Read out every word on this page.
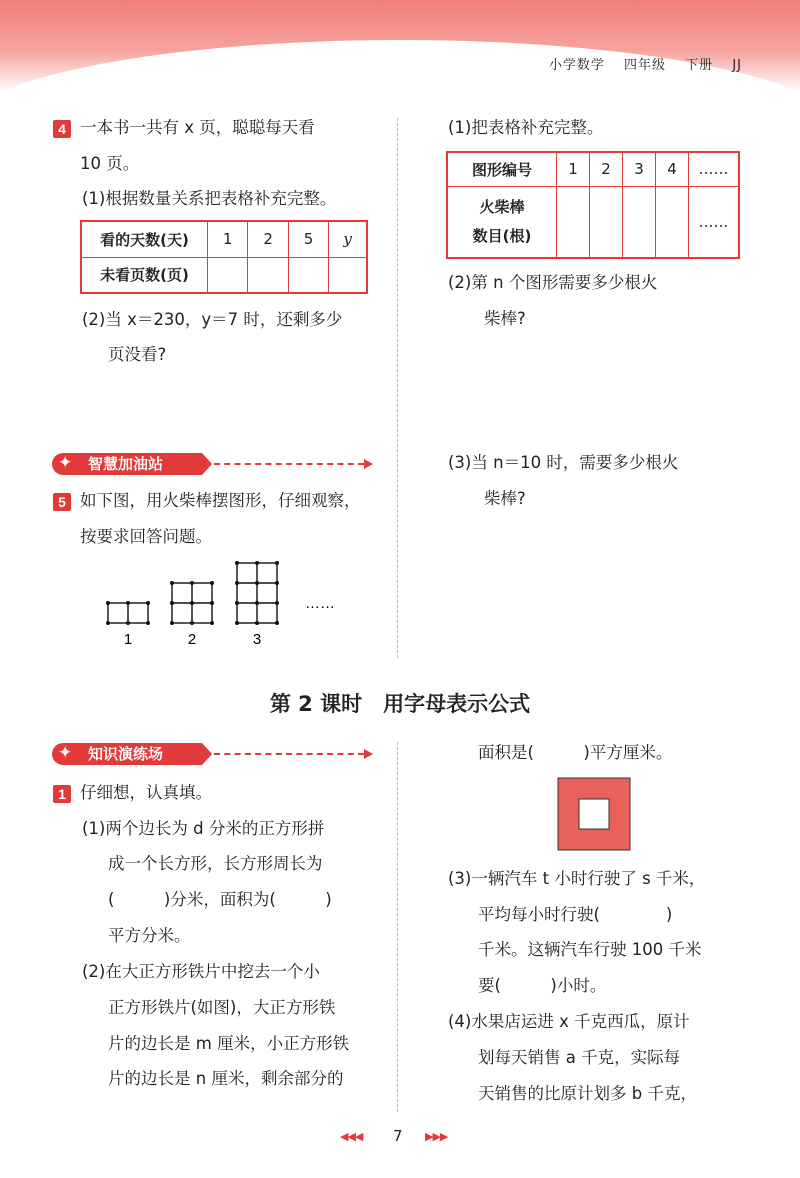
小学数学 四年级 下册 JJ
4 一本书一共有 x 页，聪聪每天看
10 页。
(1)根据数量关系把表格补充完整。
看的天数(天)	1	2	5	y
未看页数(页)				
(2)当 x＝230，y＝7 时，还剩多少
页没看?
智慧加油站
✦
5 如下图，用火柴棒摆图形，仔细观察，
按要求回答问题。
1	2	3
……
(1)把表格补充完整。
图形编号	1	2	3	4	……

火柴棒
数目(根)					……
(2)第 n 个图形需要多少根火
柴棒?
(3)当 n＝10 时，需要多少根火
柴棒?
第 2 课时　用字母表示公式
知识演练场
✦
1 仔细想，认真填。
(1)两个边长为 d 分米的正方形拼
成一个长方形，长方形周长为
(　　　)分米，面积为(　　　)
平方分米。
(2)在大正方形铁片中挖去一个小
正方形铁片(如图)，大正方形铁
片的边长是 m 厘米，小正方形铁
片的边长是 n 厘米，剩余部分的
面积是(　　　)平方厘米。
(3)一辆汽车 t 小时行驶了 s 千米，
平均每小时行驶(　　　　)
千米。这辆汽车行驶 100 千米
要(　　　)小时。
(4)水果店运进 x 千克西瓜，原计
划每天销售 a 千克，实际每
天销售的比原计划多 b 千克，
◀◀◀ 7 ▶▶▶
